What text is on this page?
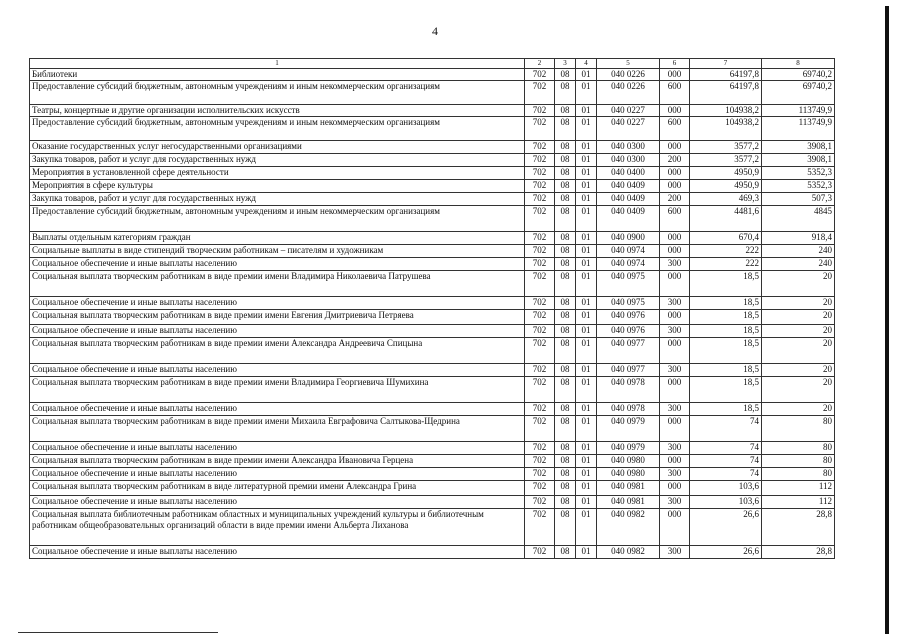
4
1	2	3	4	5	6	7	8
Библиотеки	702	08	01	040 0226	000	64197,8	69740,2
Предоставление субсидий бюджетным, автономным учреждениям и иным некоммерческим организациям	702	08	01	040 0226	600	64197,8	69740,2
Театры, концертные и другие организации исполнительских искусств	702	08	01	040 0227	000	104938,2	113749,9
Предоставление субсидий бюджетным, автономным учреждениям и иным некоммерческим организациям	702	08	01	040 0227	600	104938,2	113749,9
Оказание государственных услуг негосударственными организациями	702	08	01	040 0300	000	3577,2	3908,1
Закупка товаров, работ и услуг для государственных нужд	702	08	01	040 0300	200	3577,2	3908,1
Мероприятия в установленной сфере деятельности	702	08	01	040 0400	000	4950,9	5352,3
Мероприятия в сфере культуры	702	08	01	040 0409	000	4950,9	5352,3
Закупка товаров, работ и услуг для государственных нужд	702	08	01	040 0409	200	469,3	507,3
Предоставление субсидий бюджетным, автономным учреждениям и иным некоммерческим организациям	702	08	01	040 0409	600	4481,6	4845
Выплаты отдельным категориям граждан	702	08	01	040 0900	000	670,4	918,4
Социальные выплаты в виде стипендий творческим работникам – писателям и художникам	702	08	01	040 0974	000	222	240
Социальное обеспечение и иные выплаты населению	702	08	01	040 0974	300	222	240
Социальная выплата творческим работникам в виде премии имени Владимира Николаевича Патрушева	702	08	01	040 0975	000	18,5	20
Социальное обеспечение и иные выплаты населению	702	08	01	040 0975	300	18,5	20
Социальная выплата творческим работникам в виде премии имени Евгения Дмитриевича Петряева	702	08	01	040 0976	000	18,5	20
Социальное обеспечение и иные выплаты населению	702	08	01	040 0976	300	18,5	20
Социальная выплата творческим работникам в виде премии имени Александра Андреевича Спицына	702	08	01	040 0977	000	18,5	20
Социальное обеспечение и иные выплаты населению	702	08	01	040 0977	300	18,5	20
Социальная выплата творческим работникам в виде премии имени Владимира Георгиевича Шумихина	702	08	01	040 0978	000	18,5	20
Социальное обеспечение и иные выплаты населению	702	08	01	040 0978	300	18,5	20
Социальная выплата творческим работникам в виде премии имени Михаила Евграфовича Салтыкова-Щедрина	702	08	01	040 0979	000	74	80
Социальное обеспечение и иные выплаты населению	702	08	01	040 0979	300	74	80
Социальная выплата творческим работникам в виде премии имени Александра Ивановича Герцена	702	08	01	040 0980	000	74	80
Социальное обеспечение и иные выплаты населению	702	08	01	040 0980	300	74	80
Социальная выплата творческим работникам в виде литературной премии имени Александра Грина	702	08	01	040 0981	000	103,6	112
Социальное обеспечение и иные выплаты населению	702	08	01	040 0981	300	103,6	112
Социальная выплата библиотечным работникам областных и муниципальных учреждений культуры и библиотечным работникам общеобразовательных организаций области в виде премии имени Альберта Лиханова	702	08	01	040 0982	000	26,6	28,8
Социальное обеспечение и иные выплаты населению	702	08	01	040 0982	300	26,6	28,8
